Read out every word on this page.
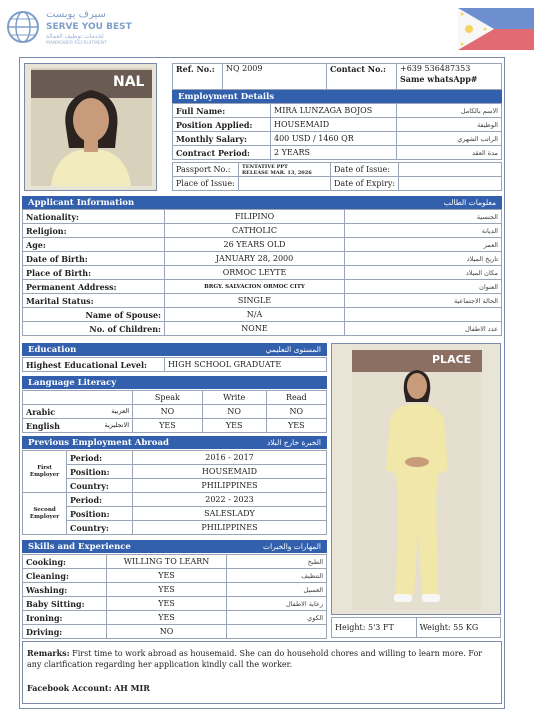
سيرف يوبست
SERVE YOU BEST
لخدمات توظيف العمالة
MANPOWER RECRUITMENT
NAL
Ref. No.:	NQ 2009	Contact No.:	+639 536487353
Same whatsApp#
Employment Details
Full Name:	MIRA LUNZAGA BOJOS	الاسم بالكامل
Position Applied:	HOUSEMAID	الوظيفة
Monthly Salary:	400 USD / 1460 QR	الراتب الشهري
Contract Period:	2 YEARS	مدة العقد
Passport No.:	TENTATIVE PPT
RELEASE MAR. 13, 2026	Date of Issue:	
Place of Issue:		Date of Expiry:	
Applicant Information	معلومات الطالب
Nationality:	FILIPINO	الجنسية
Religion:	CATHOLIC	الديانة
Age:	26 YEARS OLD	العمر
Date of Birth:	JANUARY 28, 2000	تاريخ الميلاد
Place of Birth:	ORMOC LEYTE	مكان الميلاد
Permanent Address:	BRGY. SALVACION ORMOC CITY	العنوان
Marital Status:	SINGLE	الحالة الاجتماعية
Name of Spouse:	N/A	
No. of Children:	NONE	عدد الاطفال
Education	المستوى التعليمي
Highest Educational Level:	HIGH SCHOOL GRADUATE
Language Literacy
	Speak	Write	Read
Arabic العربية	NO	NO	NO
English الانجليزية	YES	YES	YES
Previous Employment Abroad	الخبرة خارج البلاد
First
Employer	Period:	2016 - 2017
	Position:	HOUSEMAID
	Country:	PHILIPPINES

Second
Employer	Period:	2022 - 2023
	Position:	SALESLADY
	Country:	PHILIPPINES
Skills and Experience	المهارات والخبرات
Cooking:	WILLING TO LEARN	الطبخ
Cleaning:	YES	التنظيف
Washing:	YES	الغسيل
Baby Sitting:	YES	رعاية الاطفال
Ironing:	YES	الكوي
Driving:	NO	
PLACE
Height: 5'3 FT	Weight: 55 KG
Remarks: First time to work abroad as housemaid. She can do household chores and willing to learn more. For any clarification regarding her application kindly call the worker.
Facebook Account: AH MIR
